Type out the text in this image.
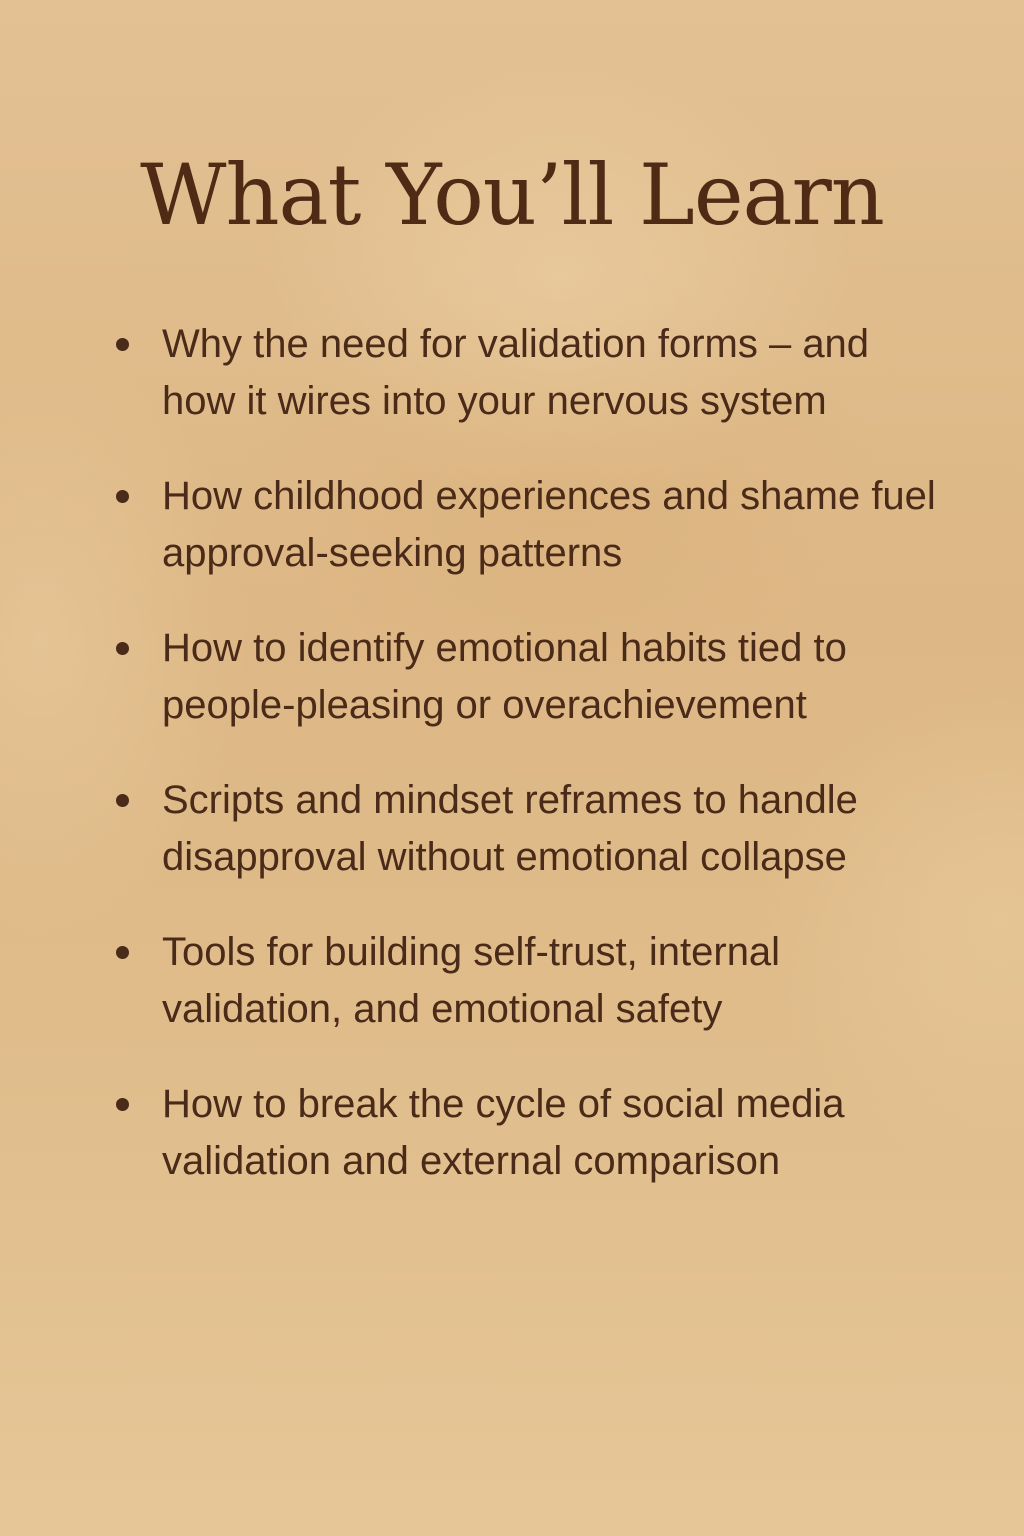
What You’ll Learn
Why the need for validation forms – and how it wires into your nervous system
How childhood experiences and shame fuel approval-seeking patterns
How to identify emotional habits tied to people-pleasing or overachievement
Scripts and mindset reframes to handle disapproval without emotional collapse
Tools for building self-trust, internal validation, and emotional safety
How to break the cycle of social media validation and external comparison
